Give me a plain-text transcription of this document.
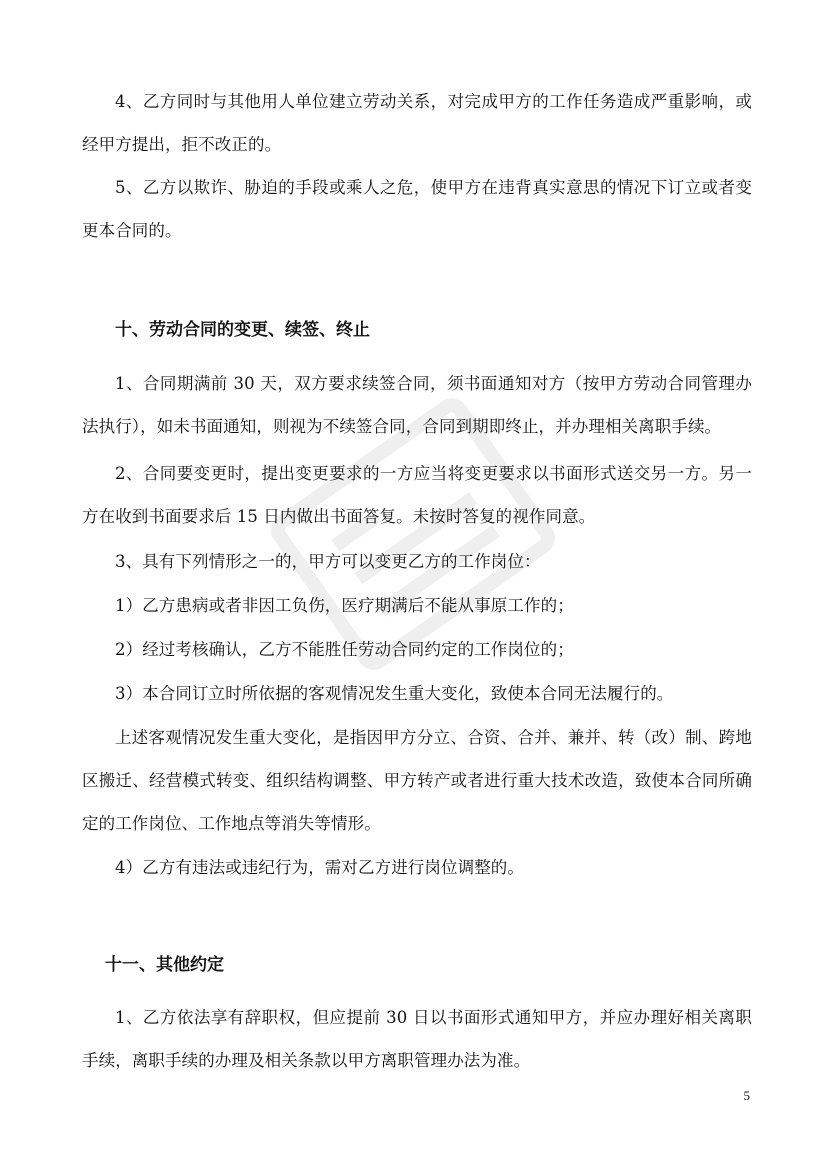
4、乙方同时与其他用人单位建立劳动关系，对完成甲方的工作任务造成严重影响，或经甲方提出，拒不改正的。

5、乙方以欺诈、胁迫的手段或乘人之危，使甲方在违背真实意思的情况下订立或者变更本合同的。

十、劳动合同的变更、续签、终止

1、合同期满前 30 天，双方要求续签合同，须书面通知对方（按甲方劳动合同管理办法执行），如未书面通知，则视为不续签合同，合同到期即终止，并办理相关离职手续。

2、合同要变更时，提出变更要求的一方应当将变更要求以书面形式送交另一方。另一方在收到书面要求后 15 日内做出书面答复。未按时答复的视作同意。

3、具有下列情形之一的，甲方可以变更乙方的工作岗位：

1）乙方患病或者非因工负伤，医疗期满后不能从事原工作的；

2）经过考核确认，乙方不能胜任劳动合同约定的工作岗位的；

3）本合同订立时所依据的客观情况发生重大变化，致使本合同无法履行的。

上述客观情况发生重大变化，是指因甲方分立、合资、合并、兼并、转（改）制、跨地区搬迁、经营模式转变、组织结构调整、甲方转产或者进行重大技术改造，致使本合同所确定的工作岗位、工作地点等消失等情形。

4）乙方有违法或违纪行为，需对乙方进行岗位调整的。

十一、其他约定

1、乙方依法享有辞职权，但应提前 30 日以书面形式通知甲方，并应办理好相关离职手续，离职手续的办理及相关条款以甲方离职管理办法为准。

5
